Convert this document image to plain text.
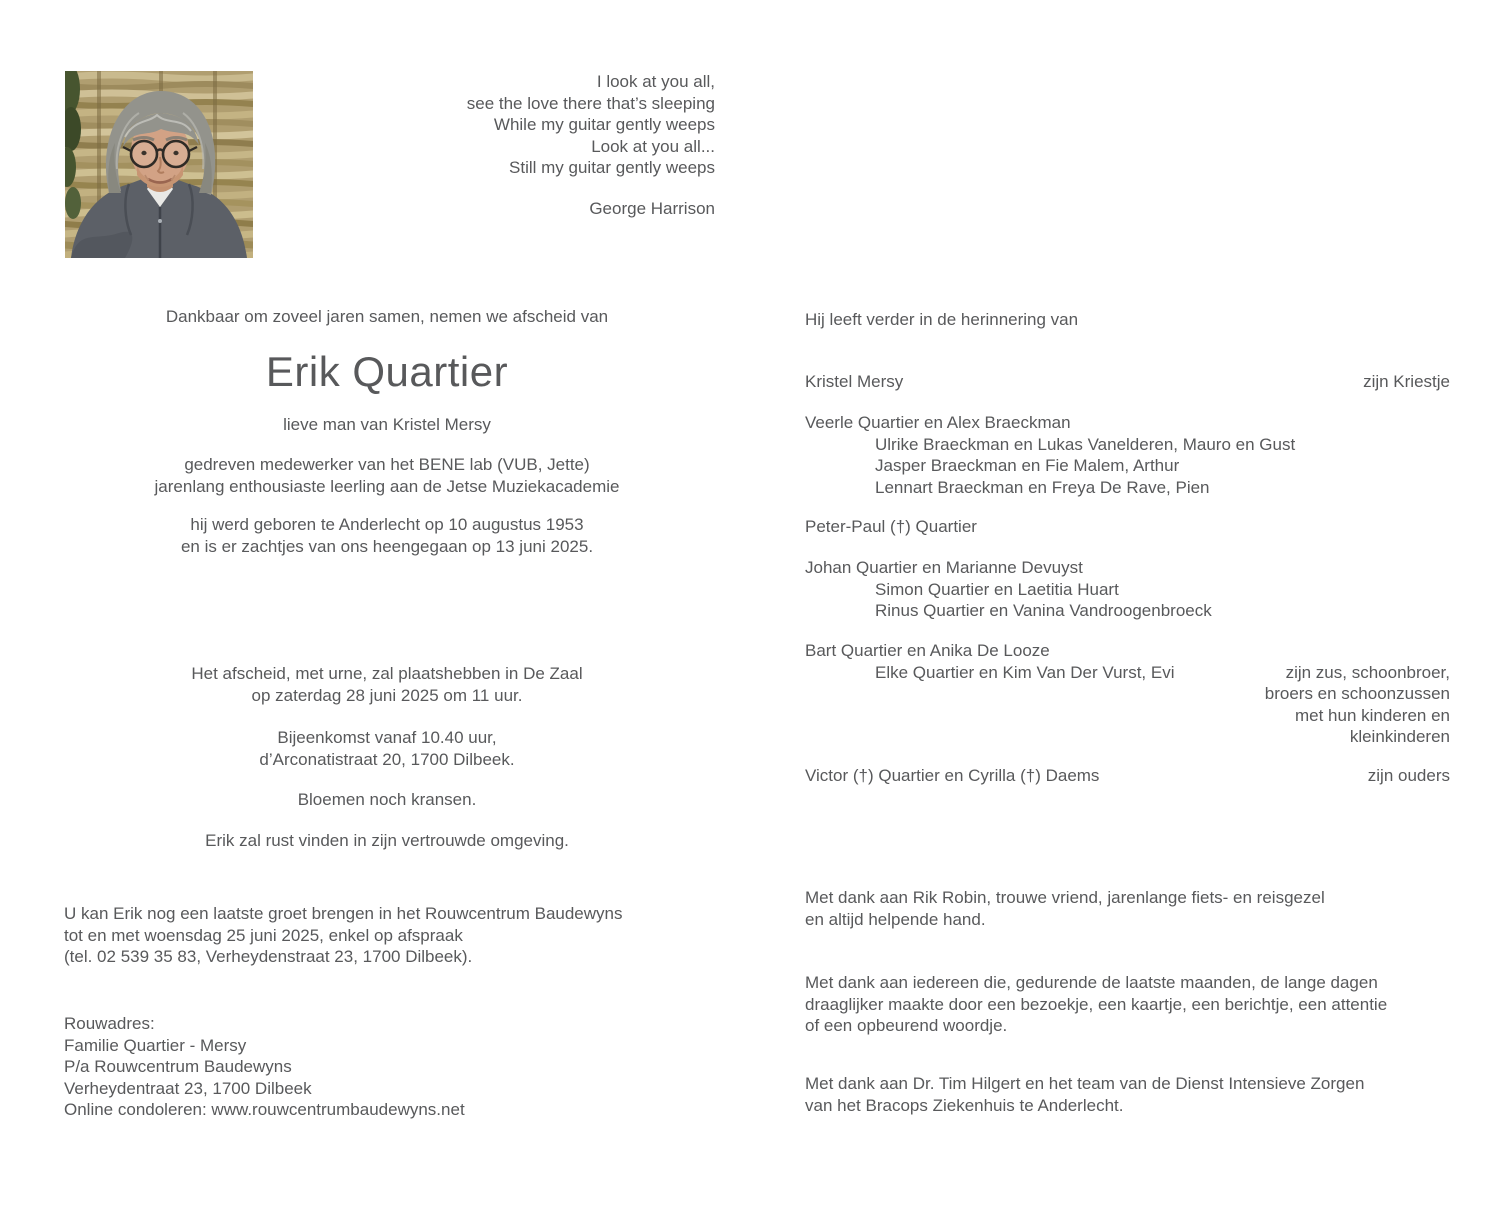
I look at you all,
see the love there that’s sleeping
While my guitar gently weeps
Look at you all...
Still my guitar gently weeps
George Harrison
Dankbaar om zoveel jaren samen, nemen we afscheid van
Erik Quartier
lieve man van Kristel Mersy
gedreven medewerker van het BENE lab (VUB, Jette)
jarenlang enthousiaste leerling aan de Jetse Muziekacademie
hij werd geboren te Anderlecht op 10 augustus 1953
en is er zachtjes van ons heengegaan op 13 juni 2025.
Het afscheid, met urne, zal plaatshebben in De Zaal
op zaterdag 28 juni 2025 om 11 uur.
Bijeenkomst vanaf 10.40 uur,
d’Arconatistraat 20, 1700 Dilbeek.
Bloemen noch kransen.
Erik zal rust vinden in zijn vertrouwde omgeving.
U kan Erik nog een laatste groet brengen in het Rouwcentrum Baudewyns
tot en met woensdag 25 juni 2025, enkel op afspraak
(tel. 02 539 35 83, Verheydenstraat 23, 1700 Dilbeek).
Rouwadres:
Familie Quartier - Mersy
P/a Rouwcentrum Baudewyns
Verheydentraat 23, 1700 Dilbeek
Online condoleren: www.rouwcentrumbaudewyns.net
Hij leeft verder in de herinnering van
Kristel Mersy	zijn Kriestje
Veerle Quartier en Alex Braeckman
Ulrike Braeckman en Lukas Vanelderen, Mauro en Gust
Jasper Braeckman en Fie Malem, Arthur
Lennart Braeckman en Freya De Rave, Pien
Peter-Paul (†) Quartier
Johan Quartier en Marianne Devuyst
Simon Quartier en Laetitia Huart
Rinus Quartier en Vanina Vandroogenbroeck
Bart Quartier en Anika De Looze
Elke Quartier en Kim Van Der Vurst, Evi	zijn zus, schoonbroer,
broers en schoonzussen
met hun kinderen en
kleinkinderen
Victor (†) Quartier en Cyrilla (†) Daems	zijn ouders
Met dank aan Rik Robin, trouwe vriend, jarenlange fiets- en reisgezel
en altijd helpende hand.
Met dank aan iedereen die, gedurende de laatste maanden, de lange dagen
draaglijker maakte door een bezoekje, een kaartje, een berichtje, een attentie
of een opbeurend woordje.
Met dank aan Dr. Tim Hilgert en het team van de Dienst Intensieve Zorgen
van het Bracops Ziekenhuis te Anderlecht.
